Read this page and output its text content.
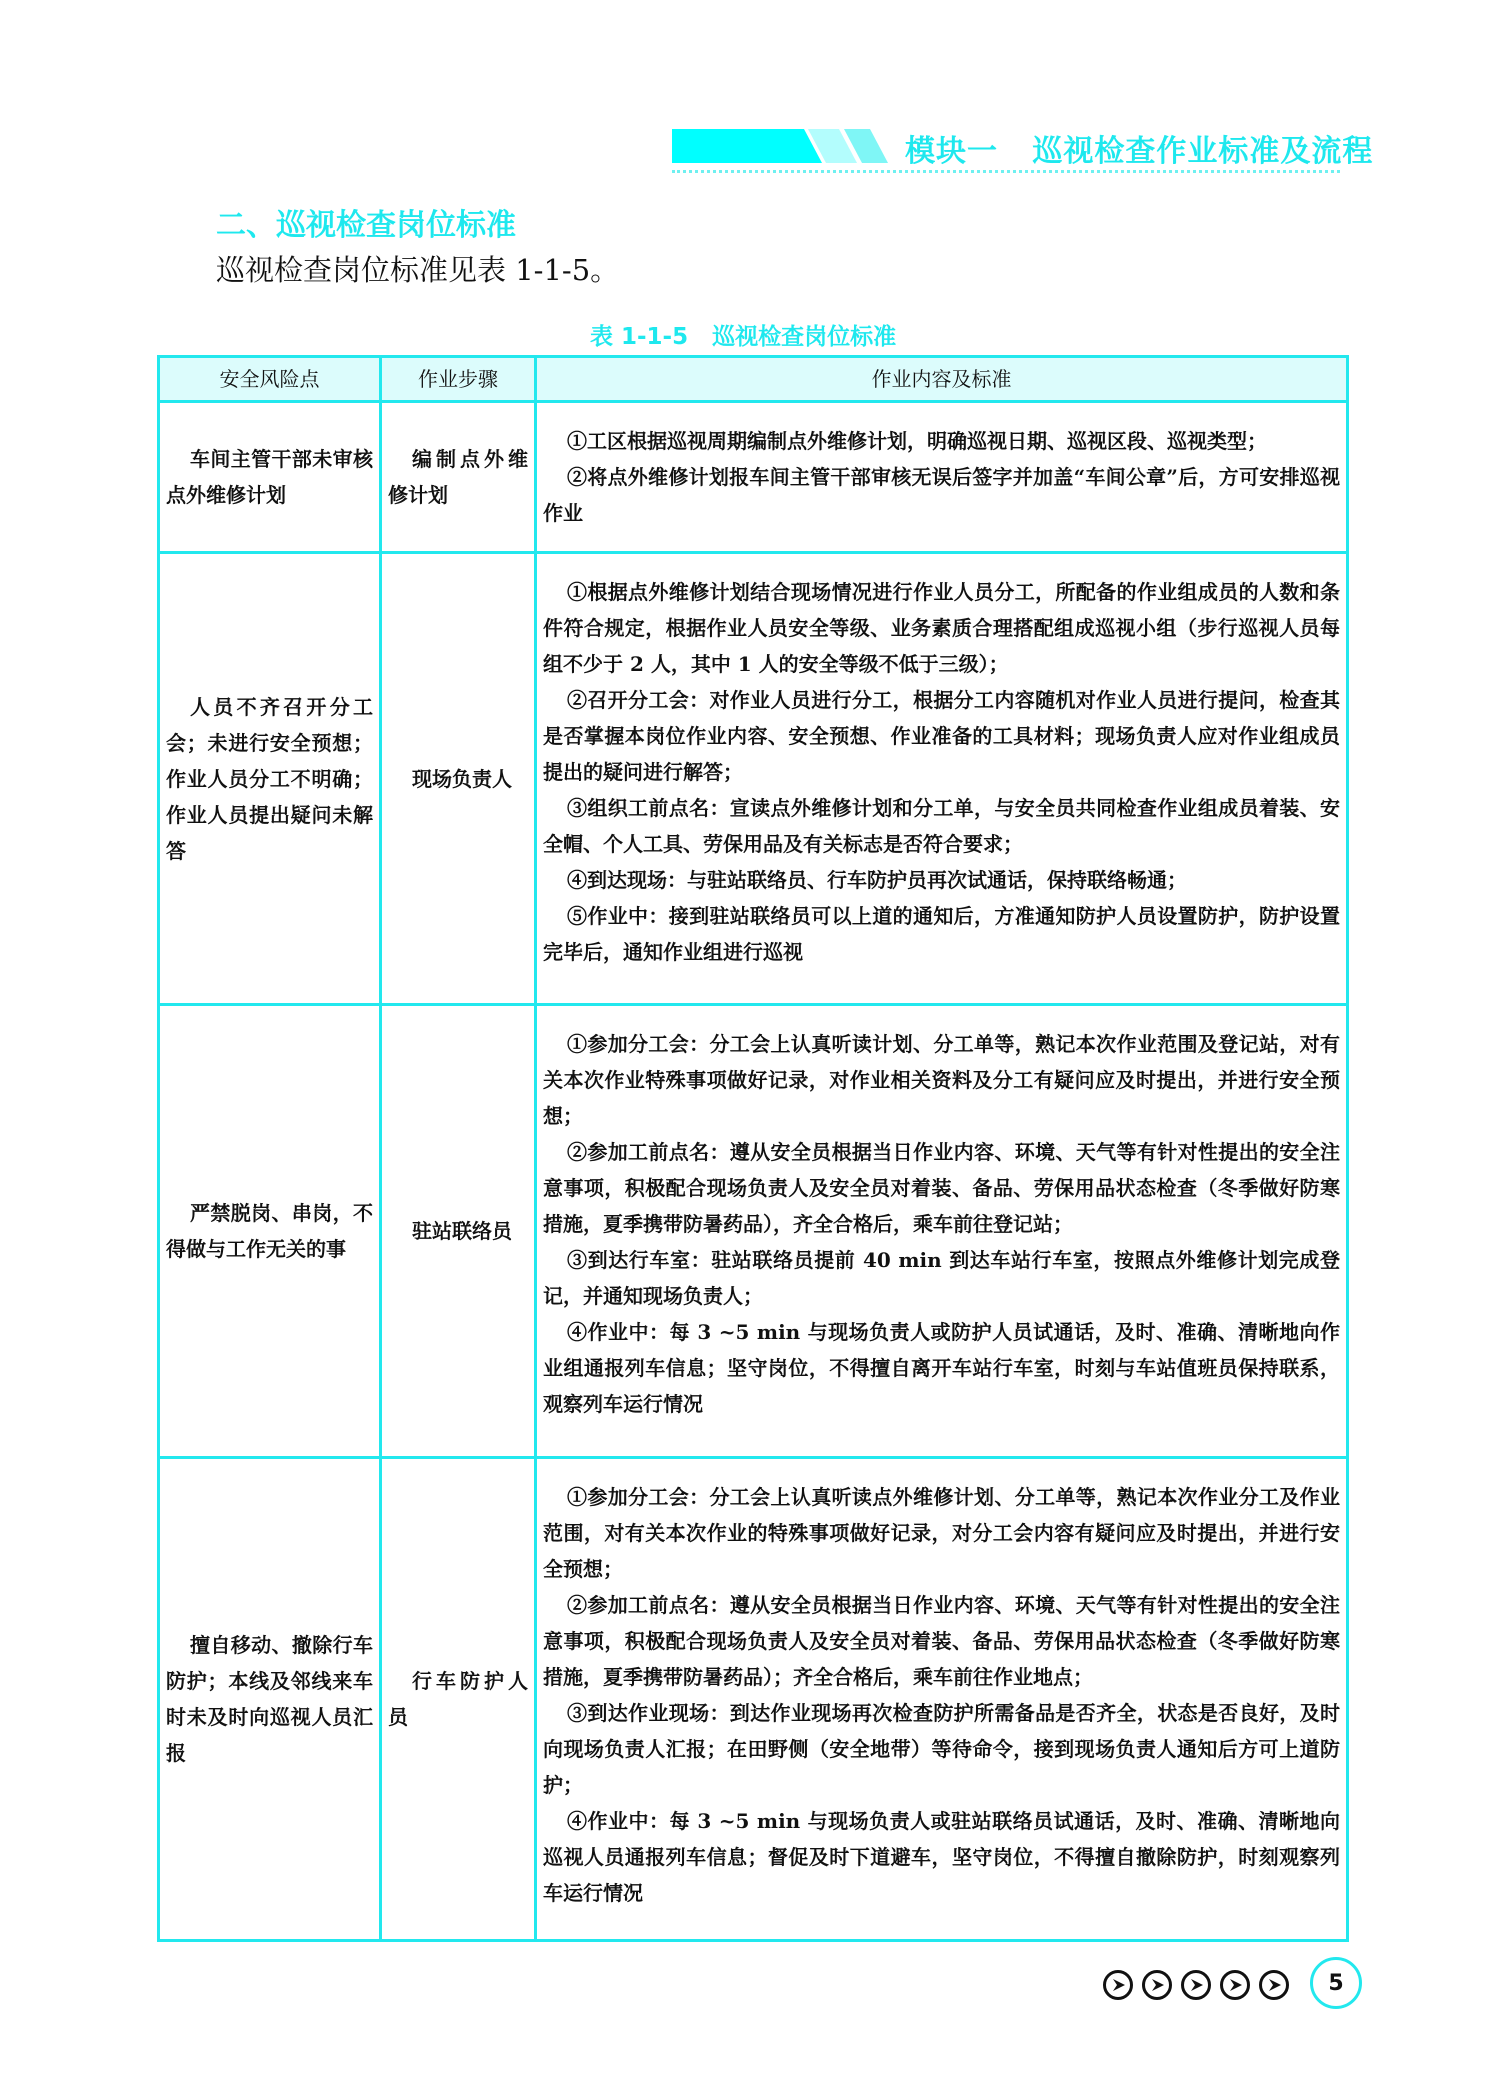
模块一 巡视检查作业标准及流程
二、巡视检查岗位标准
巡视检查岗位标准见表 1-1-5。
表 1-1-5 巡视检查岗位标准
安全风险点	作业步骤	作业内容及标准
车间主管干部未审核点外维修计划	编制点外维修计划	①工区根据巡视周期编制点外维修计划，明确巡视日期、巡视区段、巡视类型；

②将点外维修计划报车间主管干部审核无误后签字并加盖“车间公章”后，方可安排巡视作业

人员不齐召开分工会；未进行安全预想；作业人员分工不明确；作业人员提出疑问未解答	现场负责人	①根据点外维修计划结合现场情况进行作业人员分工，所配备的作业组成员的人数和条件符合规定，根据作业人员安全等级、业务素质合理搭配组成巡视小组（步行巡视人员每组不少于 2 人，其中 1 人的安全等级不低于三级）；

②召开分工会：对作业人员进行分工，根据分工内容随机对作业人员进行提问，检查其是否掌握本岗位作业内容、安全预想、作业准备的工具材料；现场负责人应对作业组成员提出的疑问进行解答；

③组织工前点名：宣读点外维修计划和分工单，与安全员共同检查作业组成员着装、安全帽、个人工具、劳保用品及有关标志是否符合要求；

④到达现场：与驻站联络员、行车防护员再次试通话，保持联络畅通；

⑤作业中：接到驻站联络员可以上道的通知后，方准通知防护人员设置防护，防护设置完毕后，通知作业组进行巡视

严禁脱岗、串岗，不得做与工作无关的事	驻站联络员	①参加分工会：分工会上认真听读计划、分工单等，熟记本次作业范围及登记站，对有关本次作业特殊事项做好记录，对作业相关资料及分工有疑问应及时提出，并进行安全预想；

②参加工前点名：遵从安全员根据当日作业内容、环境、天气等有针对性提出的安全注意事项，积极配合现场负责人及安全员对着装、备品、劳保用品状态检查（冬季做好防寒措施，夏季携带防暑药品），齐全合格后，乘车前往登记站；

③到达行车室：驻站联络员提前 40 min 到达车站行车室，按照点外维修计划完成登记，并通知现场负责人；

④作业中：每 3 ~5 min 与现场负责人或防护人员试通话，及时、准确、清晰地向作业组通报列车信息；坚守岗位，不得擅自离开车站行车室，时刻与车站值班员保持联系，观察列车运行情况

擅自移动、撤除行车防护；本线及邻线来车时未及时向巡视人员汇报	行车防护人员	①参加分工会：分工会上认真听读点外维修计划、分工单等，熟记本次作业分工及作业范围，对有关本次作业的特殊事项做好记录，对分工会内容有疑问应及时提出，并进行安全预想；

②参加工前点名：遵从安全员根据当日作业内容、环境、天气等有针对性提出的安全注意事项，积极配合现场负责人及安全员对着装、备品、劳保用品状态检查（冬季做好防寒措施，夏季携带防暑药品）；齐全合格后，乘车前往作业地点；

③到达作业现场：到达作业现场再次检查防护所需备品是否齐全，状态是否良好，及时向现场负责人汇报；在田野侧（安全地带）等待命令，接到现场负责人通知后方可上道防护；

④作业中：每 3 ~5 min 与现场负责人或驻站联络员试通话，及时、准确、清晰地向巡视人员通报列车信息；督促及时下道避车，坚守岗位，不得擅自撤除防护，时刻观察列车运行情况

5
